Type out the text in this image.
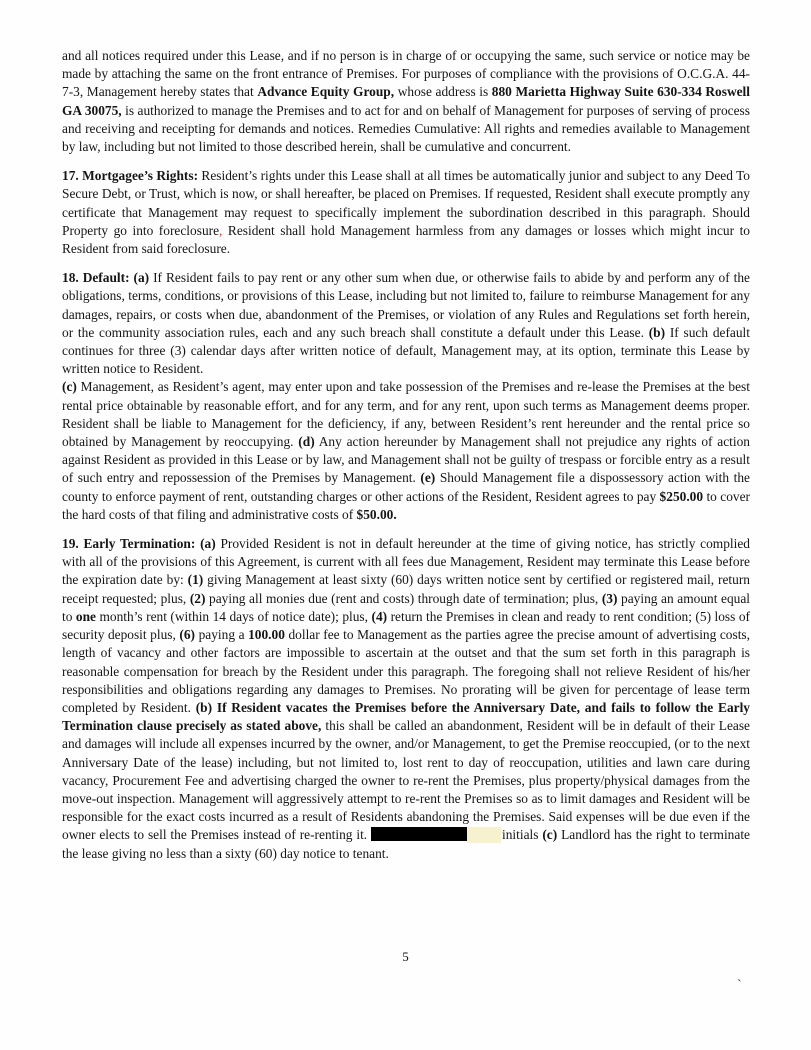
and all notices required under this Lease, and if no person is in charge of or occupying the same, such service or notice may be made by attaching the same on the front entrance of Premises. For purposes of compliance with the provisions of O.C.G.A. 44-7-3, Management hereby states that Advance Equity Group, whose address is 880 Marietta Highway Suite 630-334 Roswell GA 30075, is authorized to manage the Premises and to act for and on behalf of Management for purposes of serving of process and receiving and receipting for demands and notices. Remedies Cumulative: All rights and remedies available to Management by law, including but not limited to those described herein, shall be cumulative and concurrent.
17. Mortgagee’s Rights: Resident’s rights under this Lease shall at all times be automatically junior and subject to any Deed To Secure Debt, or Trust, which is now, or shall hereafter, be placed on Premises. If requested, Resident shall execute promptly any certificate that Management may request to specifically implement the subordination described in this paragraph. Should Property go into foreclosure, Resident shall hold Management harmless from any damages or losses which might incur to Resident from said foreclosure.
18. Default: (a) If Resident fails to pay rent or any other sum when due, or otherwise fails to abide by and perform any of the obligations, terms, conditions, or provisions of this Lease, including but not limited to, failure to reimburse Management for any damages, repairs, or costs when due, abandonment of the Premises, or violation of any Rules and Regulations set forth herein, or the community association rules, each and any such breach shall constitute a default under this Lease. (b) If such default continues for three (3) calendar days after written notice of default, Management may, at its option, terminate this Lease by written notice to Resident.
(c) Management, as Resident’s agent, may enter upon and take possession of the Premises and re-lease the Premises at the best rental price obtainable by reasonable effort, and for any term, and for any rent, upon such terms as Management deems proper. Resident shall be liable to Management for the deficiency, if any, between Resident’s rent hereunder and the rental price so obtained by Management by reoccupying. (d) Any action hereunder by Management shall not prejudice any rights of action against Resident as provided in this Lease or by law, and Management shall not be guilty of trespass or forcible entry as a result of such entry and repossession of the Premises by Management. (e) Should Management file a dispossessory action with the county to enforce payment of rent, outstanding charges or other actions of the Resident, Resident agrees to pay $250.00 to cover the hard costs of that filing and administrative costs of $50.00.
19. Early Termination: (a) Provided Resident is not in default hereunder at the time of giving notice, has strictly complied with all of the provisions of this Agreement, is current with all fees due Management, Resident may terminate this Lease before the expiration date by: (1) giving Management at least sixty (60) days written notice sent by certified or registered mail, return receipt requested; plus, (2) paying all monies due (rent and costs) through date of termination; plus, (3) paying an amount equal to one month’s rent (within 14 days of notice date); plus, (4) return the Premises in clean and ready to rent condition; (5) loss of security deposit plus, (6) paying a 100.00 dollar fee to Management as the parties agree the precise amount of advertising costs, length of vacancy and other factors are impossible to ascertain at the outset and that the sum set forth in this paragraph is reasonable compensation for breach by the Resident under this paragraph. The foregoing shall not relieve Resident of his/her responsibilities and obligations regarding any damages to Premises. No prorating will be given for percentage of lease term completed by Resident. (b) If Resident vacates the Premises before the Anniversary Date, and fails to follow the Early Termination clause precisely as stated above, this shall be called an abandonment, Resident will be in default of their Lease and damages will include all expenses incurred by the owner, and/or Management, to get the Premise reoccupied, (or to the next Anniversary Date of the lease) including, but not limited to, lost rent to day of reoccupation, utilities and lawn care during vacancy, Procurement Fee and advertising charged the owner to re-rent the Premises, plus property/physical damages from the move-out inspection. Management will aggressively attempt to re-rent the Premises so as to limit damages and Resident will be responsible for the exact costs incurred as a result of Residents abandoning the Premises. Said expenses will be due even if the owner elects to sell the Premises instead of re-renting it.	initials (c) Landlord has the right to terminate the lease giving no less than a sixty (60) day notice to tenant.
5
`
